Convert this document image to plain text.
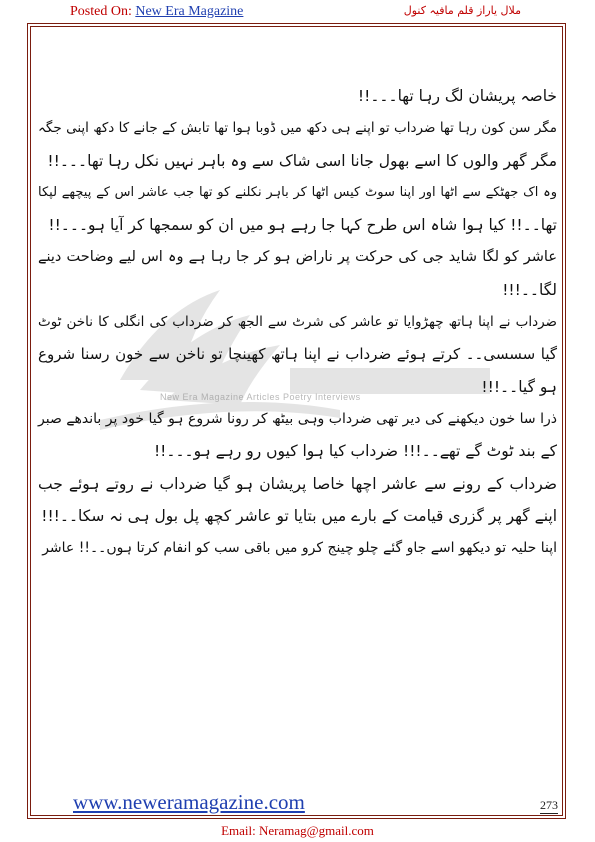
Posted On: New Era Magazine	ملال یاراز قلم مافیہ کنول
New Era Magazine Articles Poetry Interviews
خاصہ پریشان لگ رہا تھا۔۔۔!!
مگر سن کون رہا تھا ضرداب تو اپنے ہی دکھ میں ڈوبا ہوا تھا تابش کے جانے کا دکھ اپنی جگہ
مگر گھر والوں کا اسے بھول جانا اسی شاک سے وہ باہر نہیں نکل رہا تھا۔۔۔!!
وہ اک جھٹکے سے اٹھا اور اپنا سوٹ کیس اٹھا کر باہر نکلنے کو تھا جب عاشر اس کے پیچھے لپکا
تھا۔۔!! کیا ہوا شاہ اس طرح کہا جا رہے ہو میں ان کو سمجھا کر آیا ہو۔۔۔!!
عاشر کو لگا شاید جی کی حرکت پر ناراض ہو کر جا رہا ہے وہ اس لیے وضاحت دینے
لگا۔۔!!!
ضرداب نے اپنا ہاتھ چھڑوایا تو عاشر کی شرٹ سے الجھ کر ضرداب کی انگلی کا ناخن ٹوٹ
گیا سسسی۔۔ کرتے ہوئے ضرداب نے اپنا ہاتھ کھینچا تو ناخن سے خون رسنا شروع
ہو گیا۔۔!!!
ذرا سا خون دیکھنے کی دیر تھی ضرداب وہی بیٹھ کر رونا شروع ہو گیا خود پر باندھے صبر
کے بند ٹوٹ گے تھے۔۔!!! ضرداب کیا ہوا کیوں رو رہے ہو۔۔۔!!
ضرداب کے رونے سے عاشر اچھا خاصا پریشان ہو گیا ضرداب نے روتے ہوئے جب
اپنے گھر پر گزری قیامت کے بارے میں بتایا تو عاشر کچھ پل بول ہی نہ سکا۔۔!!!
اپنا حلیہ تو دیکھو اسے جاو گئے چلو چینج کرو میں باقی سب کو انفام کرتا ہوں۔۔!! عاشر
www.neweramagazine.com	273
Email: Neramag@gmail.com
